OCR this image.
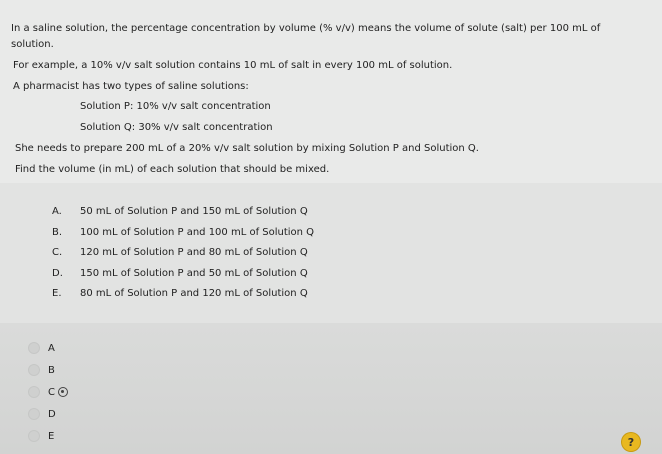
In a saline solution, the percentage concentration by volume (% v/v) means the volume of solute (salt) per 100 mL of
solution.
For example, a 10% v/v salt solution contains 10 mL of salt in every 100 mL of solution.
A pharmacist has two types of saline solutions:
Solution P: 10% v/v salt concentration
Solution Q: 30% v/v salt concentration
She needs to prepare 200 mL of a 20% v/v salt solution by mixing Solution P and Solution Q.
Find the volume (in mL) of each solution that should be mixed.
A.	50 mL of Solution P and 150 mL of Solution Q
B.	100 mL of Solution P and 100 mL of Solution Q
C.	120 mL of Solution P and 80 mL of Solution Q
D.	150 mL of Solution P and 50 mL of Solution Q
E.	80 mL of Solution P and 120 mL of Solution Q
A
B
C
D
E	?
